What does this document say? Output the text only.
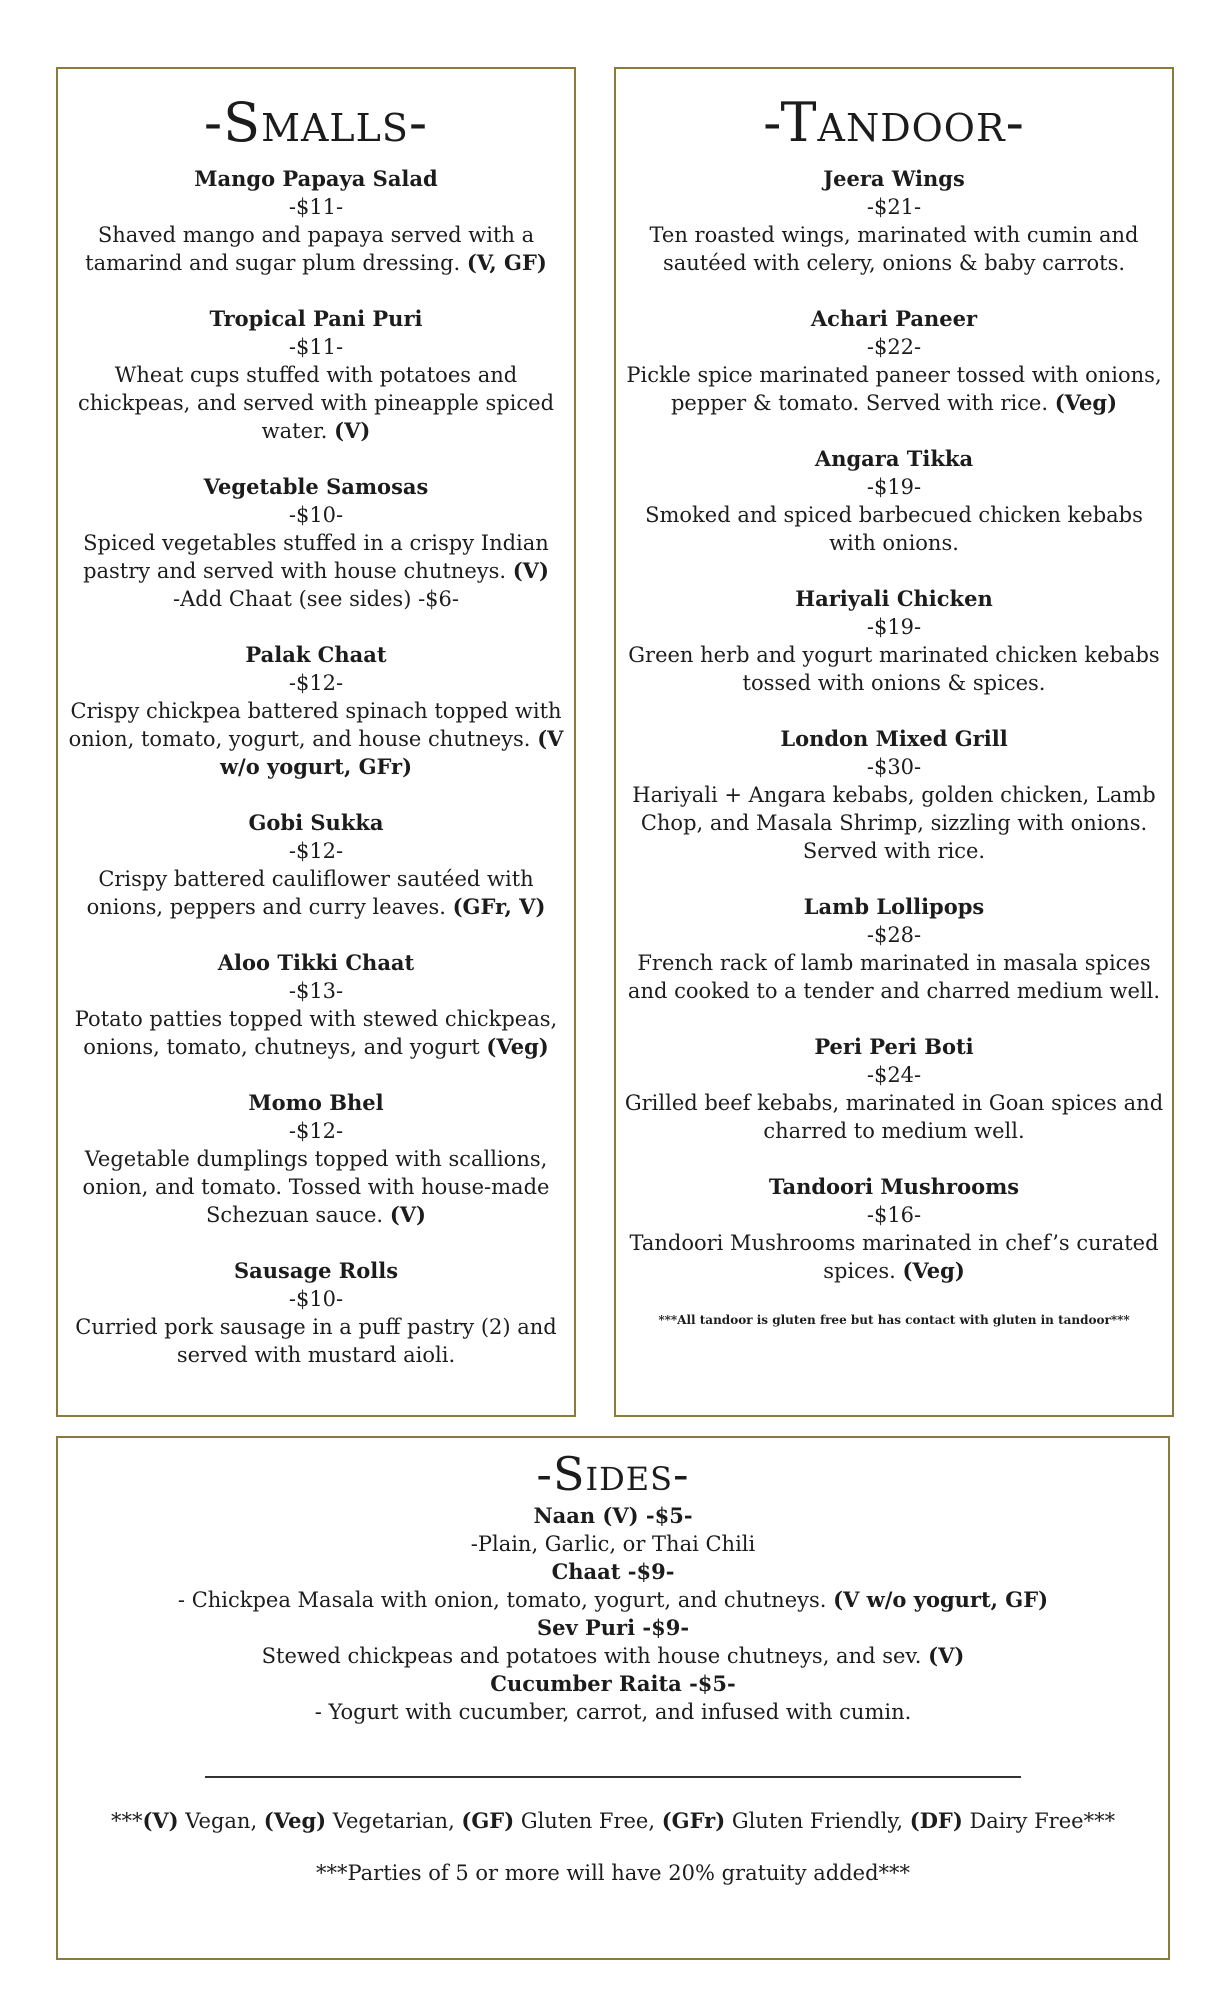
-Smalls-
Mango Papaya Salad
-$11-
Shaved mango and papaya served with a tamarind and sugar plum dressing. (V, GF)
Tropical Pani Puri
-$11-
Wheat cups stuffed with potatoes and chickpeas, and served with pineapple spiced water. (V)
Vegetable Samosas
-$10-
Spiced vegetables stuffed in a crispy Indian pastry and served with house chutneys. (V)
-Add Chaat (see sides) -$6-
Palak Chaat
-$12-
Crispy chickpea battered spinach topped with onion, tomato, yogurt, and house chutneys. (V w/o yogurt, GFr)
Gobi Sukka
-$12-
Crispy battered cauliflower sautéed with onions, peppers and curry leaves. (GFr, V)
Aloo Tikki Chaat
-$13-
Potato patties topped with stewed chickpeas, onions, tomato, chutneys, and yogurt (Veg)
Momo Bhel
-$12-
Vegetable dumplings topped with scallions, onion, and tomato. Tossed with house-made Schezuan sauce. (V)
Sausage Rolls
-$10-
Curried pork sausage in a puff pastry (2) and served with mustard aioli.
-Tandoor-
Jeera Wings
-$21-
Ten roasted wings, marinated with cumin and sautéed with celery, onions & baby carrots.
Achari Paneer
-$22-
Pickle spice marinated paneer tossed with onions, pepper & tomato. Served with rice. (Veg)
Angara Tikka
-$19-
Smoked and spiced barbecued chicken kebabs with onions.
Hariyali Chicken
-$19-
Green herb and yogurt marinated chicken kebabs tossed with onions & spices.
London Mixed Grill
-$30-
Hariyali + Angara kebabs, golden chicken, Lamb Chop, and Masala Shrimp, sizzling with onions. Served with rice.
Lamb Lollipops
-$28-
French rack of lamb marinated in masala spices and cooked to a tender and charred medium well.
Peri Peri Boti
-$24-
Grilled beef kebabs, marinated in Goan spices and charred to medium well.
Tandoori Mushrooms
-$16-
Tandoori Mushrooms marinated in chef’s curated spices. (Veg)
***All tandoor is gluten free but has contact with gluten in tandoor***
-Sides-
Naan (V) -$5-
-Plain, Garlic, or Thai Chili
Chaat -$9-
- Chickpea Masala with onion, tomato, yogurt, and chutneys. (V w/o yogurt, GF)
Sev Puri -$9-
Stewed chickpeas and potatoes with house chutneys, and sev. (V)
Cucumber Raita -$5-
- Yogurt with cucumber, carrot, and infused with cumin.
***(V) Vegan, (Veg) Vegetarian, (GF) Gluten Free, (GFr) Gluten Friendly, (DF) Dairy Free***
***Parties of 5 or more will have 20% gratuity added***
